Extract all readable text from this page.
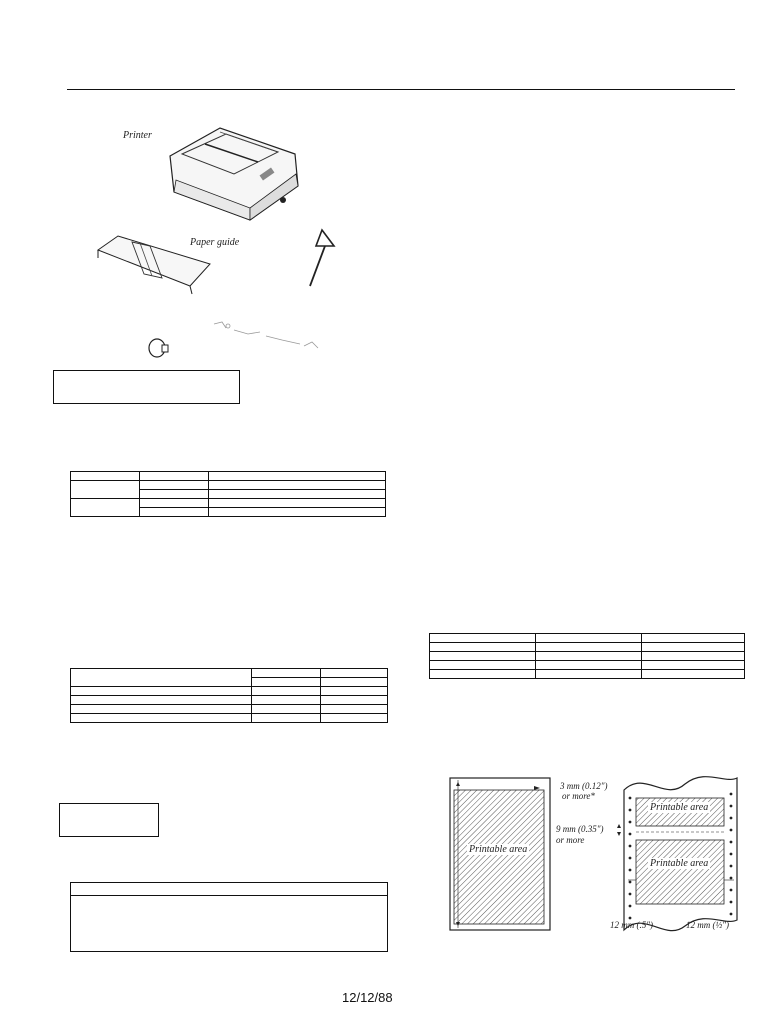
Printer
Paper guide

3 mm (0.12")
or more*
9 mm (0.35")
or more
Printable area
Printable area
Printable area
12 mm (.5")	12 mm (½")
12/12/88
